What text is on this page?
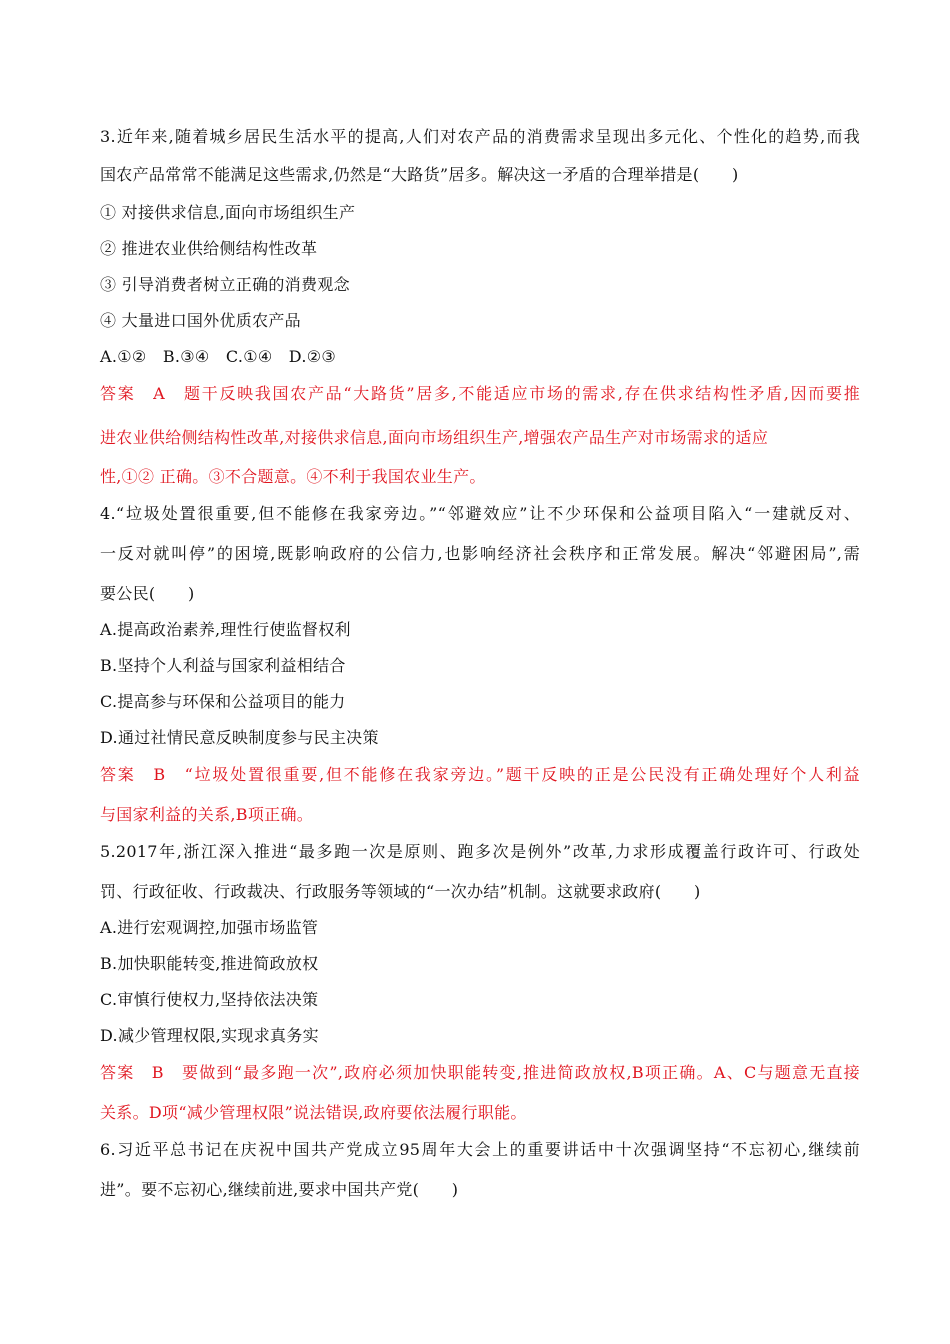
3.近年来,随着城乡居民生活水平的提高,人们对农产品的消费需求呈现出多元化、个性化的趋势,而我
国农产品常常不能满足这些需求,仍然是“大路货”居多。解决这一矛盾的合理举措是(　　)
① 对接供求信息,面向市场组织生产
② 推进农业供给侧结构性改革
③ 引导消费者树立正确的消费观念
④ 大量进口国外优质农产品
A.①②　B.③④　C.①④　D.②③
答案　A　题干反映我国农产品“大路货”居多,不能适应市场的需求,存在供求结构性矛盾,因而要推
进农业供给侧结构性改革,对接供求信息,面向市场组织生产,增强农产品生产对市场需求的适应
性,①② 正确。③不合题意。④不利于我国农业生产。
4.“垃圾处置很重要,但不能修在我家旁边。”“邻避效应”让不少环保和公益项目陷入“一建就反对、
一反对就叫停”的困境,既影响政府的公信力,也影响经济社会秩序和正常发展。解决“邻避困局”,需
要公民(　　)
A.提高政治素养,理性行使监督权利
B.坚持个人利益与国家利益相结合
C.提高参与环保和公益项目的能力
D.通过社情民意反映制度参与民主决策
答案　B　“垃圾处置很重要,但不能修在我家旁边。”题干反映的正是公民没有正确处理好个人利益
与国家利益的关系,B项正确。
5.2017年,浙江深入推进“最多跑一次是原则、跑多次是例外”改革,力求形成覆盖行政许可、行政处
罚、行政征收、行政裁决、行政服务等领域的“一次办结”机制。这就要求政府(　　)
A.进行宏观调控,加强市场监管
B.加快职能转变,推进简政放权
C.审慎行使权力,坚持依法决策
D.减少管理权限,实现求真务实
答案　B　要做到“最多跑一次”,政府必须加快职能转变,推进简政放权,B项正确。A、C与题意无直接
关系。D项“减少管理权限”说法错误,政府要依法履行职能。
6.习近平总书记在庆祝中国共产党成立95周年大会上的重要讲话中十次强调坚持“不忘初心,继续前
进”。要不忘初心,继续前进,要求中国共产党(　　)
